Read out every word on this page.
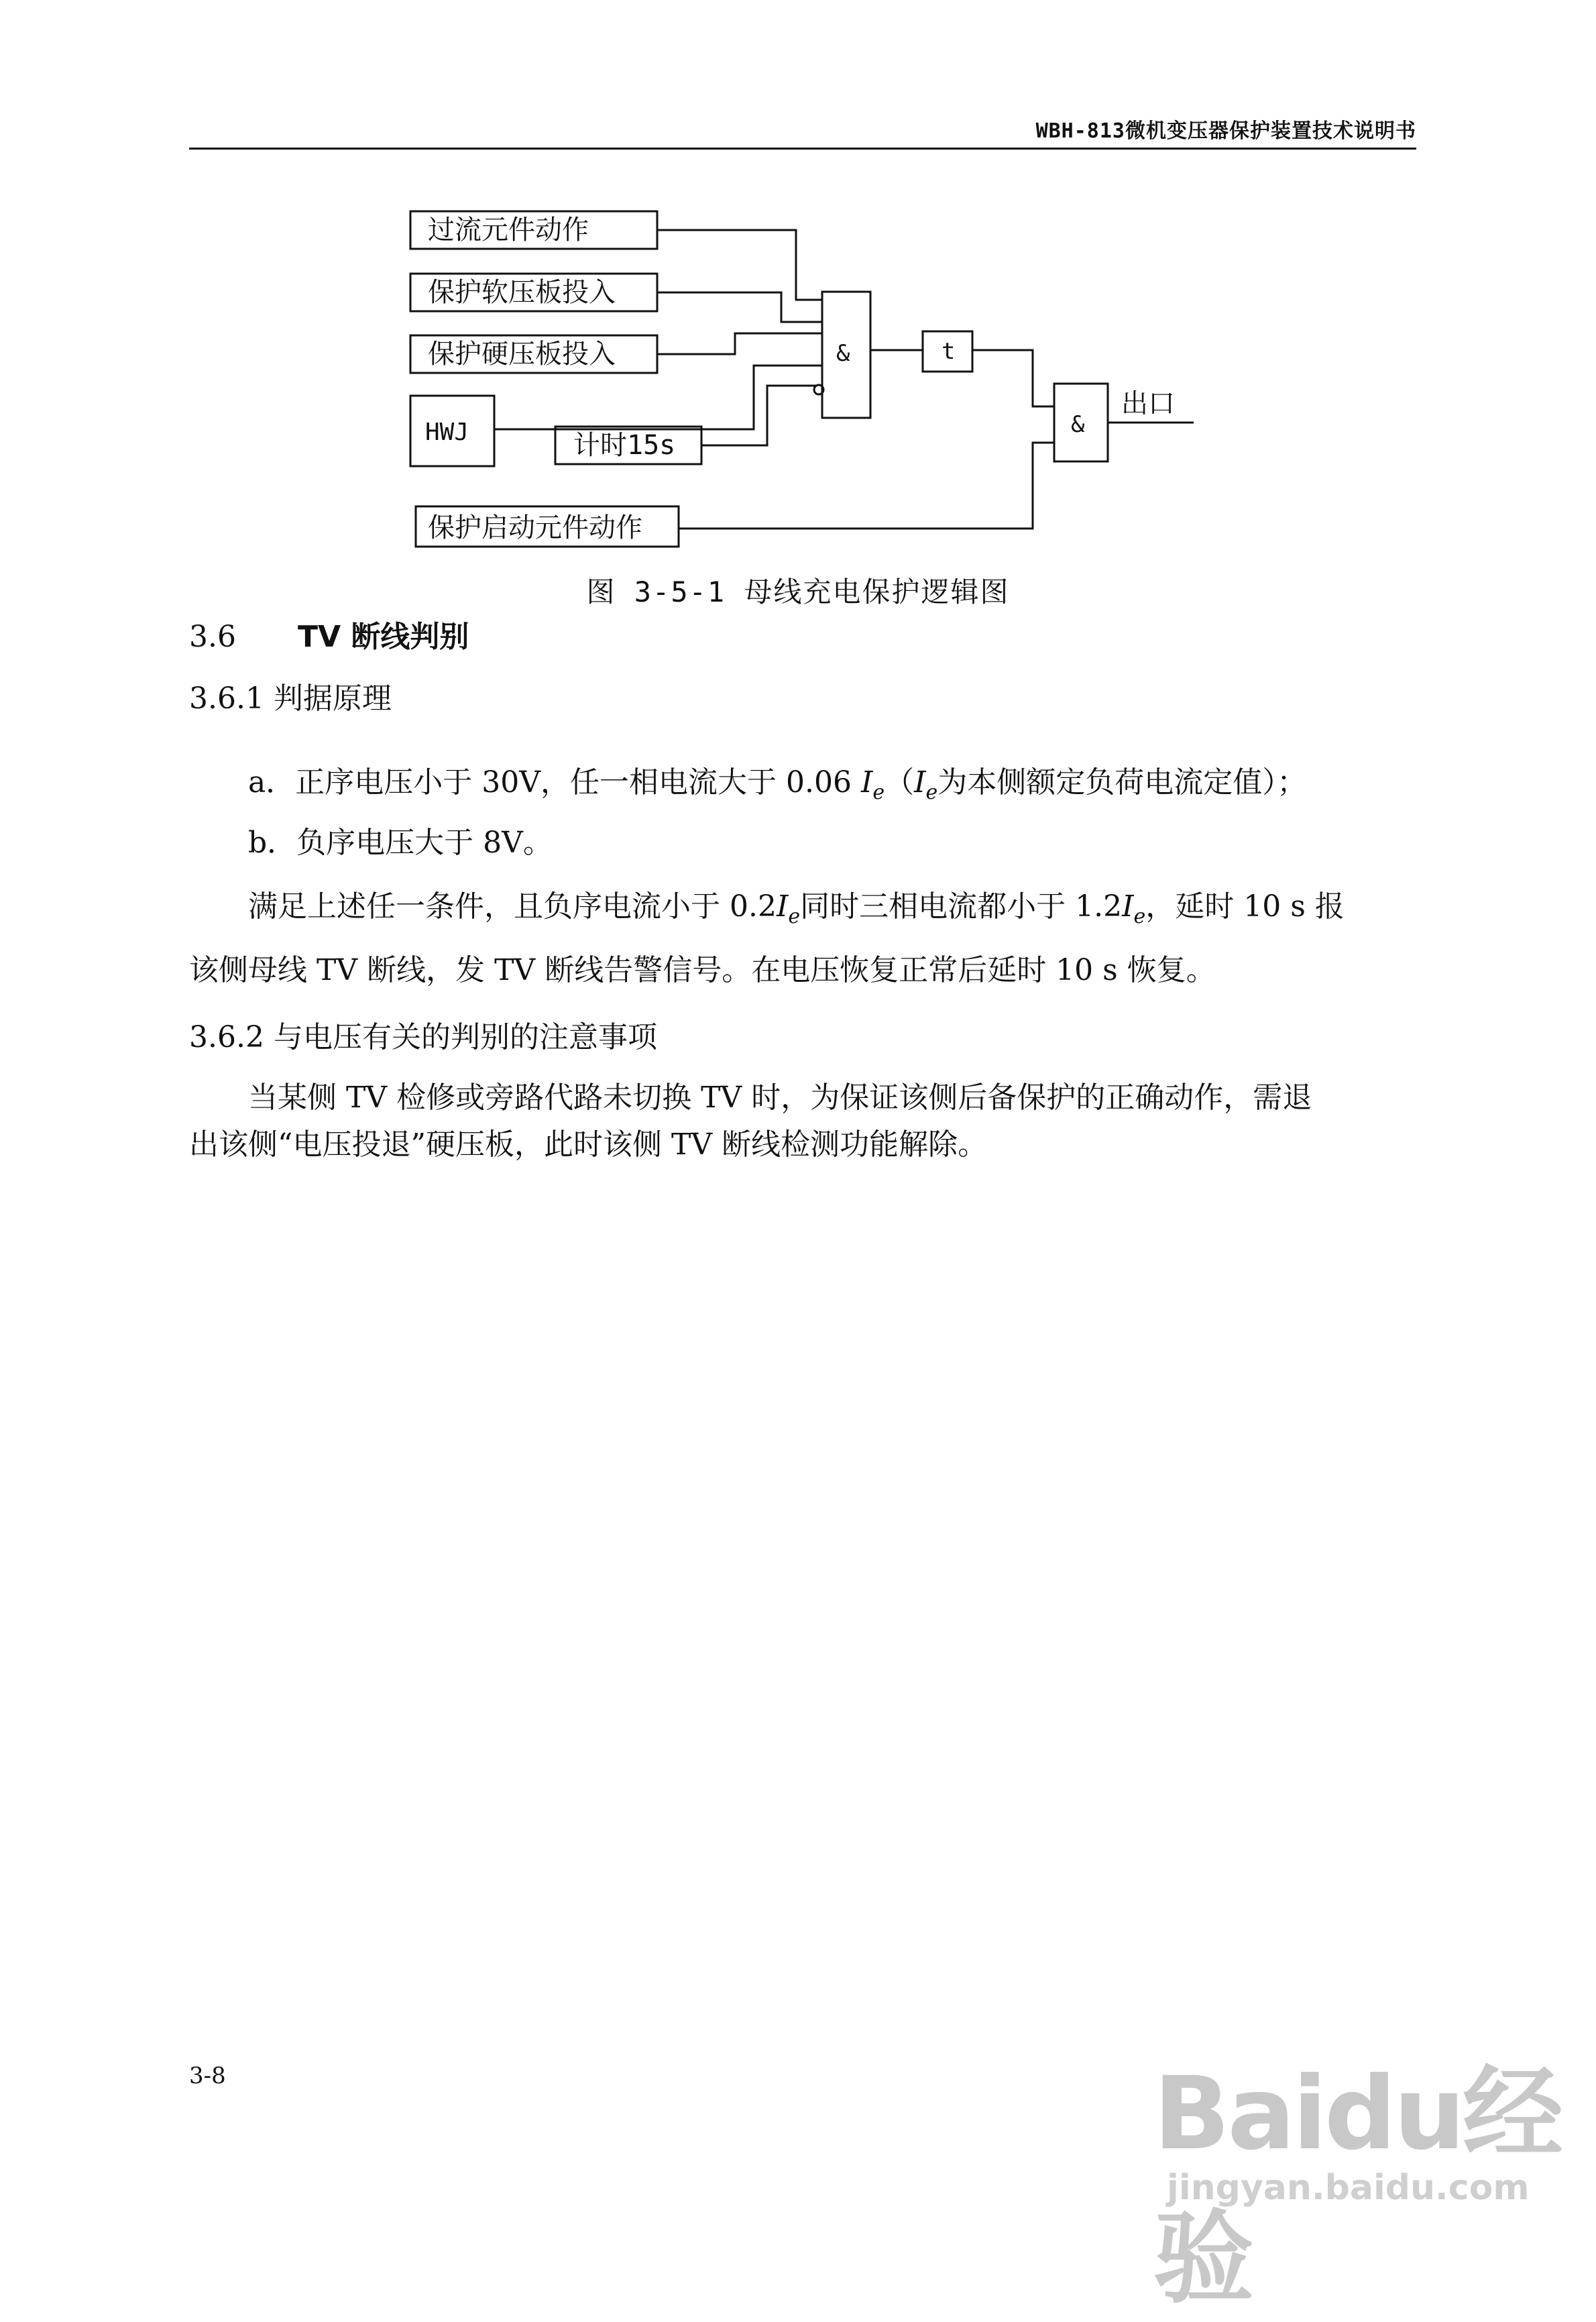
WBH-813微机变压器保护装置技术说明书
过流元件动作
保护软压板投入
保护硬压板投入
HWJ	计时15s
保护启动元件动作
&	t
&
出口
图 3-5-1 母线充电保护逻辑图
3.6 TV 断线判别
3.6.1 判据原理
a．正序电压小于 30V，任一相电流大于 0.06 $I_e(I_e$为本侧额定负荷电流定值）；
b．负序电压大于 8V。
满足上述任一条件，且负序电流小于 $0.2I_e$同时三相电流都小于 $1.2I_e$，延时 10 s 报
该侧母线 TV 断线，发 TV 断线告警信号。在电压恢复正常后延时 10 s 恢复。
3.6.2 与电压有关的判别的注意事项
当某侧 TV 检修或旁路代路未切换 TV 时，为保证该侧后备保护的正确动作，需退
出该侧“电压投退”硬压板，此时该侧 TV 断线检测功能解除。
3-8	Baidu经验
jingyan.baidu.com
